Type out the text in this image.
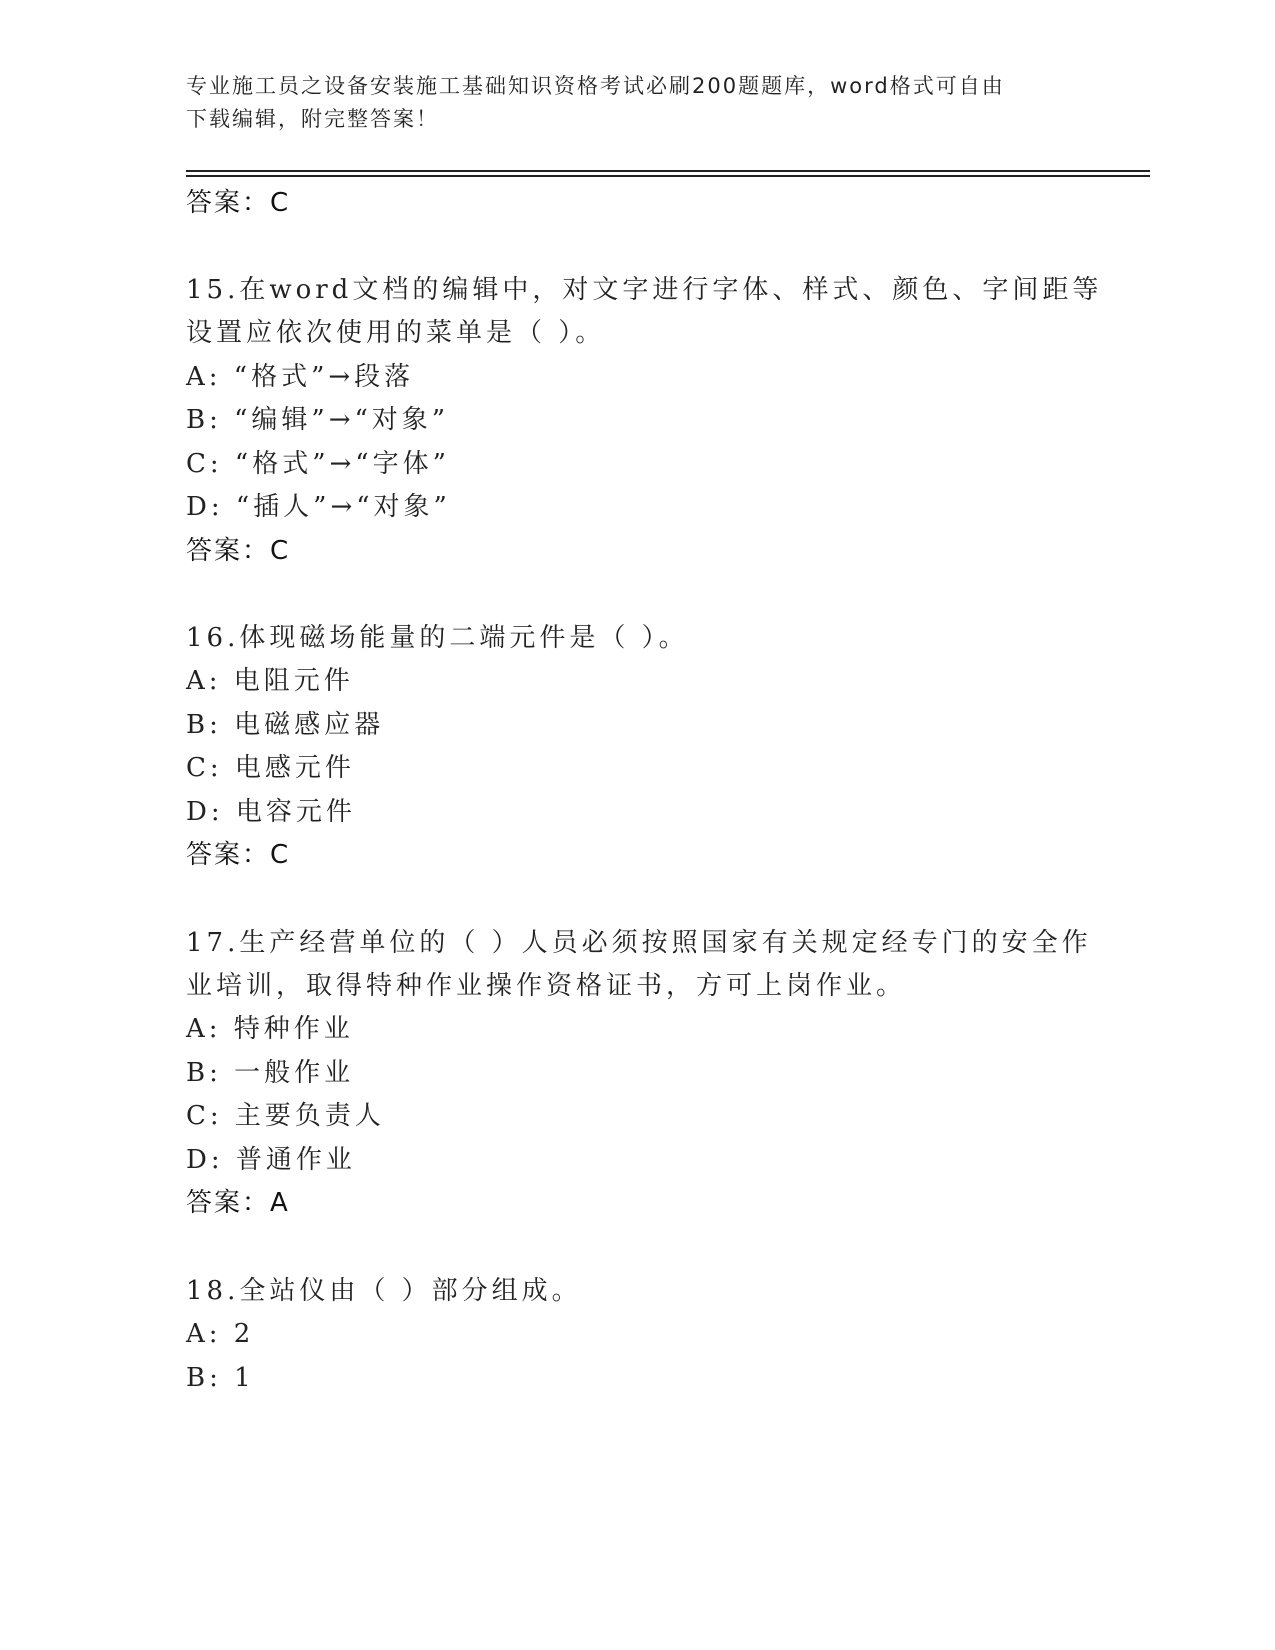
专业施工员之设备安装施工基础知识资格考试必刷200题题库，word格式可自由
下载编辑，附完整答案！
答案：C
15.在word文档的编辑中，对文字进行字体、样式、颜色、字间距等
设置应依次使用的菜单是（ ）。
A: “格式”→段落
B: “编辑”→“对象”
C: “格式”→“字体”
D: “插人”→“对象”
答案：C
16.体现磁场能量的二端元件是（ ）。
A: 电阻元件
B: 电磁感应器
C: 电感元件
D: 电容元件
答案：C
17.生产经营单位的（ ）人员必须按照国家有关规定经专门的安全作
业培训，取得特种作业操作资格证书，方可上岗作业。
A: 特种作业
B: 一般作业
C: 主要负责人
D: 普通作业
答案：A
18.全站仪由（ ）部分组成。
A: 2
B: 1
